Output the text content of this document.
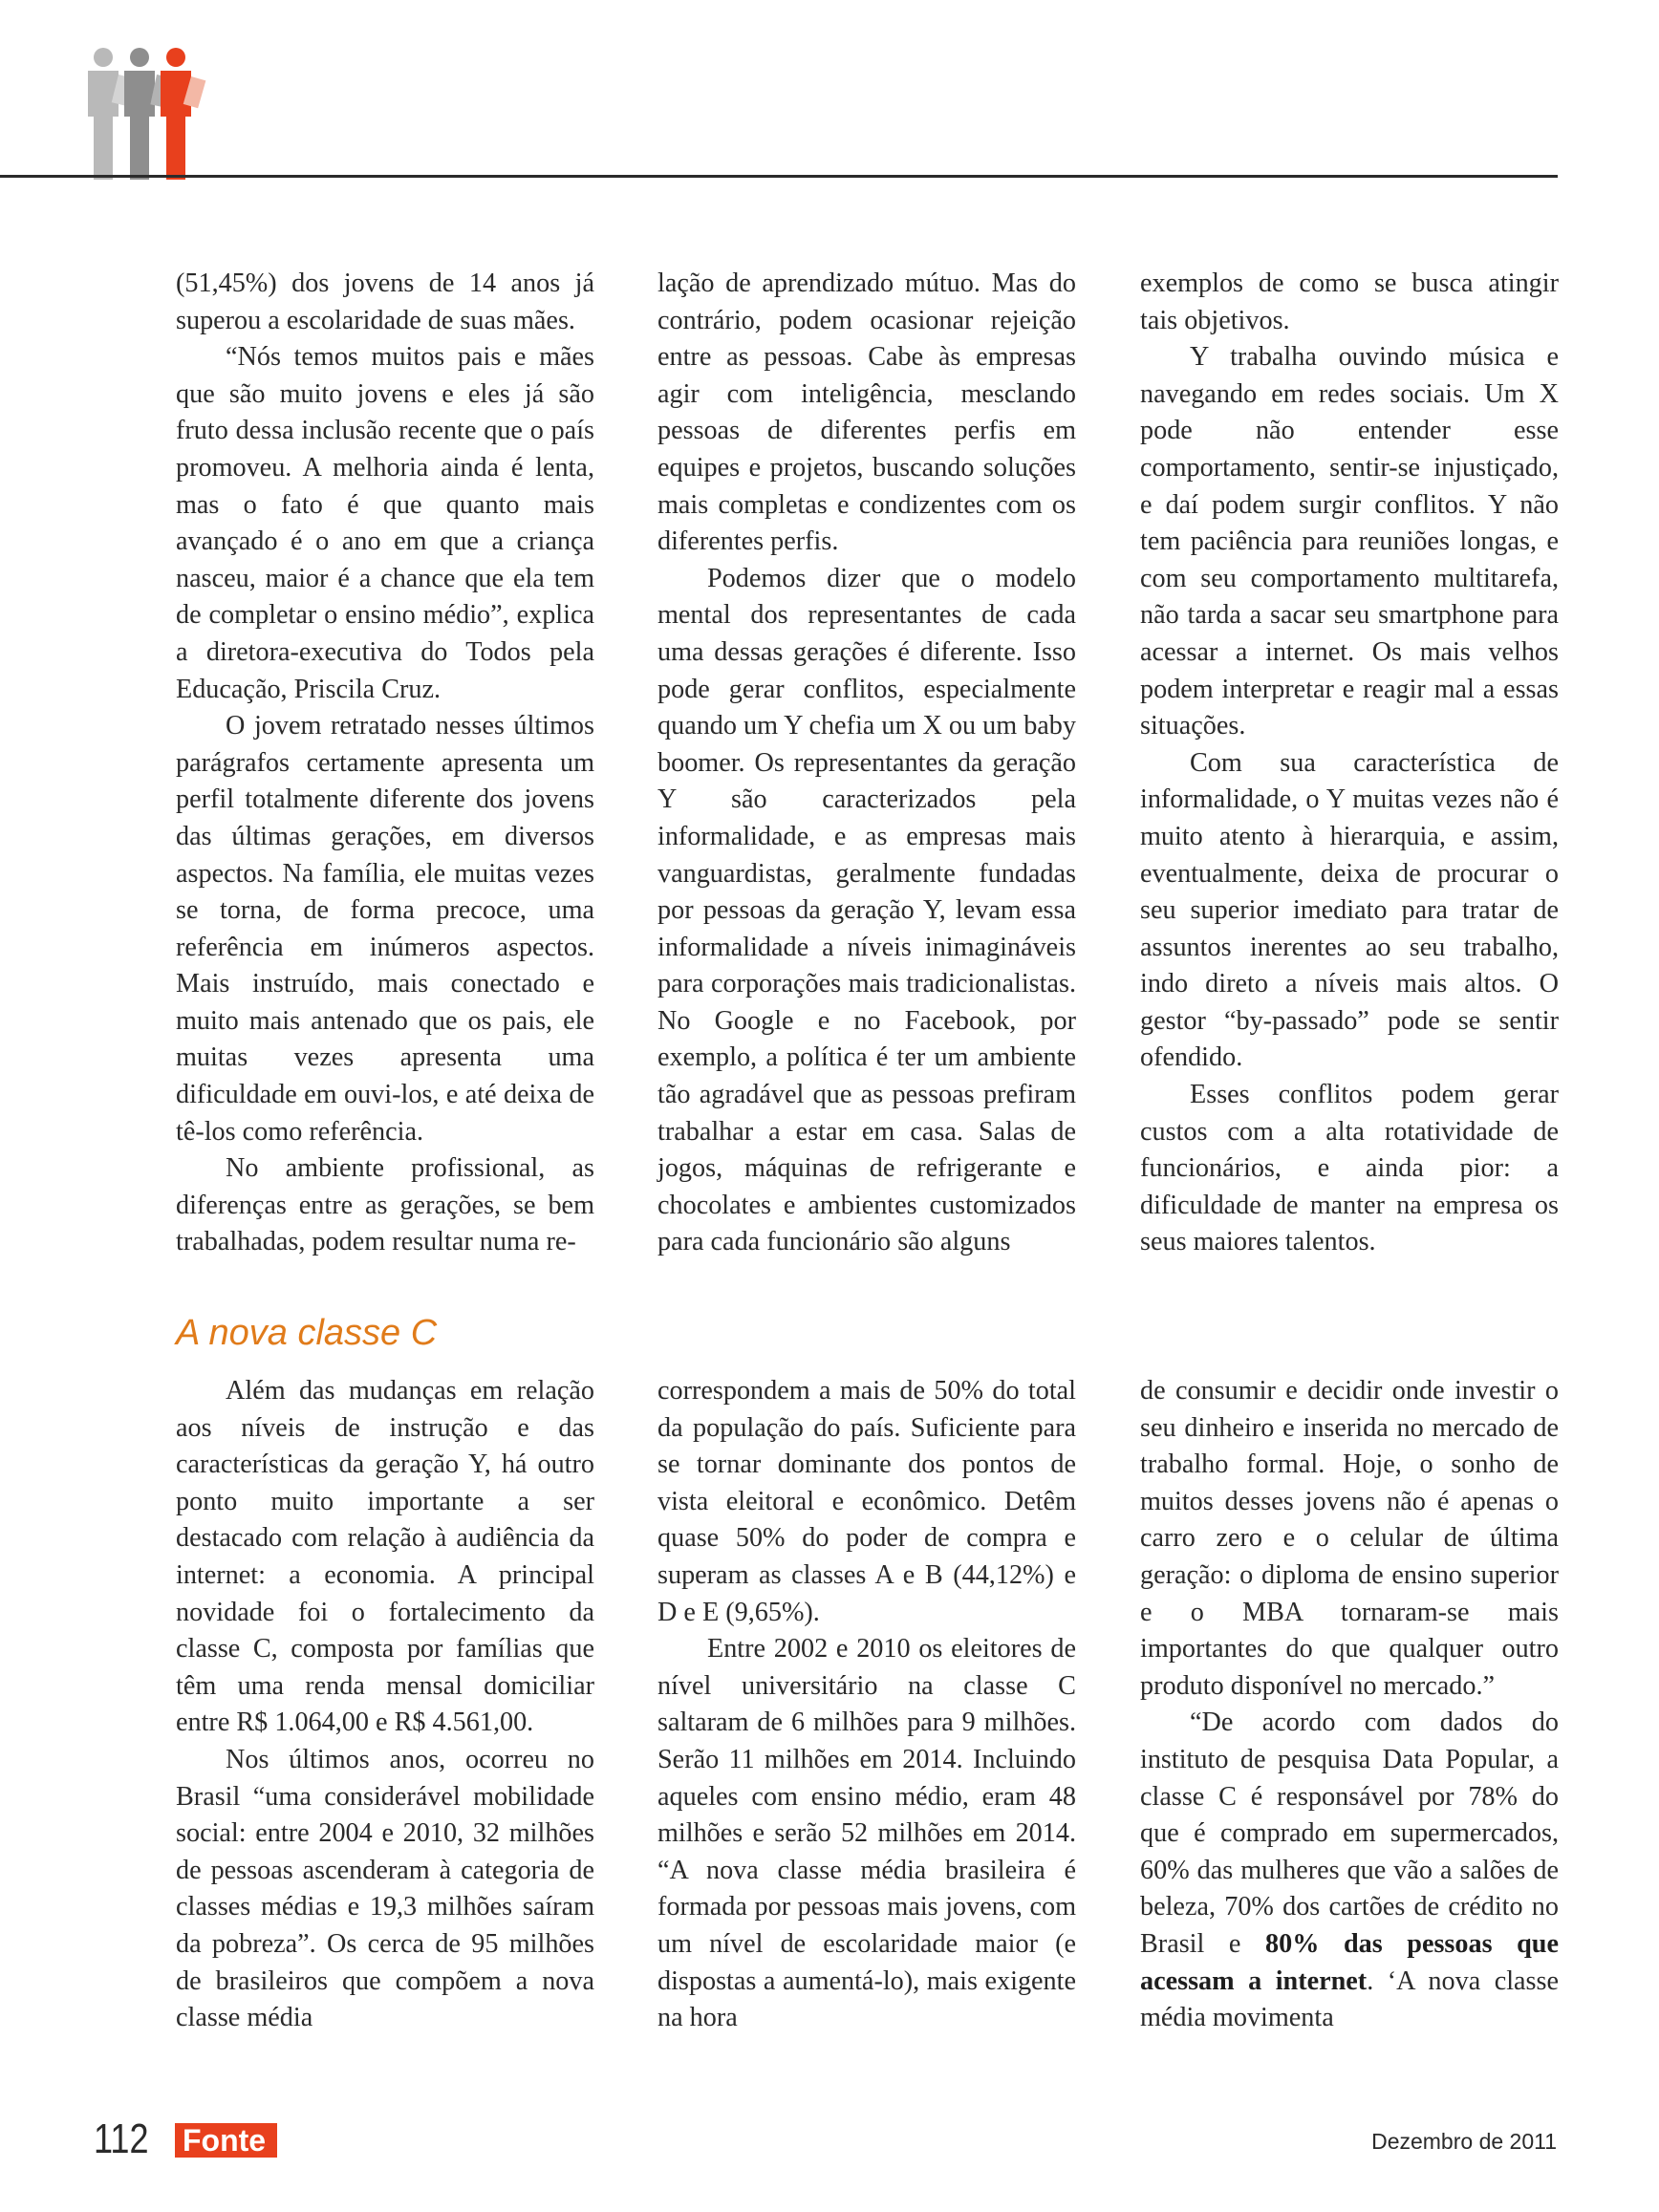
(51,45%) dos jovens de 14 anos já superou a escolaridade de suas mães.

“Nós temos muitos pais e mães que são muito jovens e eles já são fruto dessa inclusão recente que o país promoveu. A melhoria ainda é lenta, mas o fato é que quanto mais avançado é o ano em que a criança nasceu, maior é a chance que ela tem de completar o ensino médio”, explica a diretora-executiva do Todos pela Educação, Priscila Cruz.

O jovem retratado nesses últimos parágrafos certamente apresenta um perfil totalmente diferente dos jovens das últimas gerações, em diversos aspectos. Na família, ele muitas vezes se torna, de forma precoce, uma referência em inúmeros aspectos. Mais instruído, mais conectado e muito mais antenado que os pais, ele muitas vezes apresenta uma dificuldade em ouvi-los, e até deixa de tê-los como referência.

No ambiente profissional, as diferenças entre as gerações, se bem trabalhadas, podem resultar numa re-

lação de aprendizado mútuo. Mas do contrário, podem ocasionar rejeição entre as pessoas. Cabe às empresas agir com inteligência, mesclando pessoas de diferentes perfis em equipes e projetos, buscando soluções mais completas e condizentes com os diferentes perfis.

Podemos dizer que o modelo mental dos representantes de cada uma dessas gerações é diferente. Isso pode gerar conflitos, especialmente quando um Y chefia um X ou um baby boomer. Os representantes da geração Y são caracterizados pela informalidade, e as empresas mais vanguardistas, geralmente fundadas por pessoas da geração Y, levam essa informalidade a níveis inimagináveis para corporações mais tradicionalistas. No Google e no Facebook, por exemplo, a política é ter um ambiente tão agradável que as pessoas prefiram trabalhar a estar em casa. Salas de jogos, máquinas de refrigerante e chocolates e ambientes customizados para cada funcionário são alguns

exemplos de como se busca atingir tais objetivos.

Y trabalha ouvindo música e navegando em redes sociais. Um X pode não entender esse comportamento, sentir-se injustiçado, e daí podem surgir conflitos. Y não tem paciência para reuniões longas, e com seu comportamento multitarefa, não tarda a sacar seu smartphone para acessar a internet. Os mais velhos podem interpretar e reagir mal a essas situações.

Com sua característica de informalidade, o Y muitas vezes não é muito atento à hierarquia, e assim, eventualmente, deixa de procurar o seu superior imediato para tratar de assuntos inerentes ao seu trabalho, indo direto a níveis mais altos. O gestor “by-passado” pode se sentir ofendido.

Esses conflitos podem gerar custos com a alta rotatividade de funcionários, e ainda pior: a dificuldade de manter na empresa os seus maiores talentos.

A nova classe C

Além das mudanças em relação aos níveis de instrução e das características da geração Y, há outro ponto muito importante a ser destacado com relação à audiência da internet: a economia. A principal novidade foi o fortalecimento da classe C, composta por famílias que têm uma renda mensal domiciliar entre R$ 1.064,00 e R$ 4.561,00.

Nos últimos anos, ocorreu no Brasil “uma considerável mobilidade social: entre 2004 e 2010, 32 milhões de pessoas ascenderam à categoria de classes médias e 19,3 milhões saíram da pobreza”. Os cerca de 95 milhões de brasileiros que compõem a nova classe média

correspondem a mais de 50% do total da população do país. Suficiente para se tornar dominante dos pontos de vista eleitoral e econômico. Detêm quase 50% do poder de compra e superam as classes A e B (44,12%) e D e E (9,65%).

Entre 2002 e 2010 os eleitores de nível universitário na classe C saltaram de 6 milhões para 9 milhões. Serão 11 milhões em 2014. Incluindo aqueles com ensino médio, eram 48 milhões e serão 52 milhões em 2014. “A nova classe média brasileira é formada por pessoas mais jovens, com um nível de escolaridade maior (e dispostas a aumentá-lo), mais exigente na hora

de consumir e decidir onde investir o seu dinheiro e inserida no mercado de trabalho formal. Hoje, o sonho de muitos desses jovens não é apenas o carro zero e o celular de última geração: o diploma de ensino superior e o MBA tornaram-se mais importantes do que qualquer outro produto disponível no mercado.”

“De acordo com dados do instituto de pesquisa Data Popular, a classe C é responsável por 78% do que é comprado em supermercados, 60% das mulheres que vão a salões de beleza, 70% dos cartões de crédito no Brasil e 80% das pessoas que acessam a internet. ‘A nova classe média movimenta

112 Fonte	Dezembro de 2011
